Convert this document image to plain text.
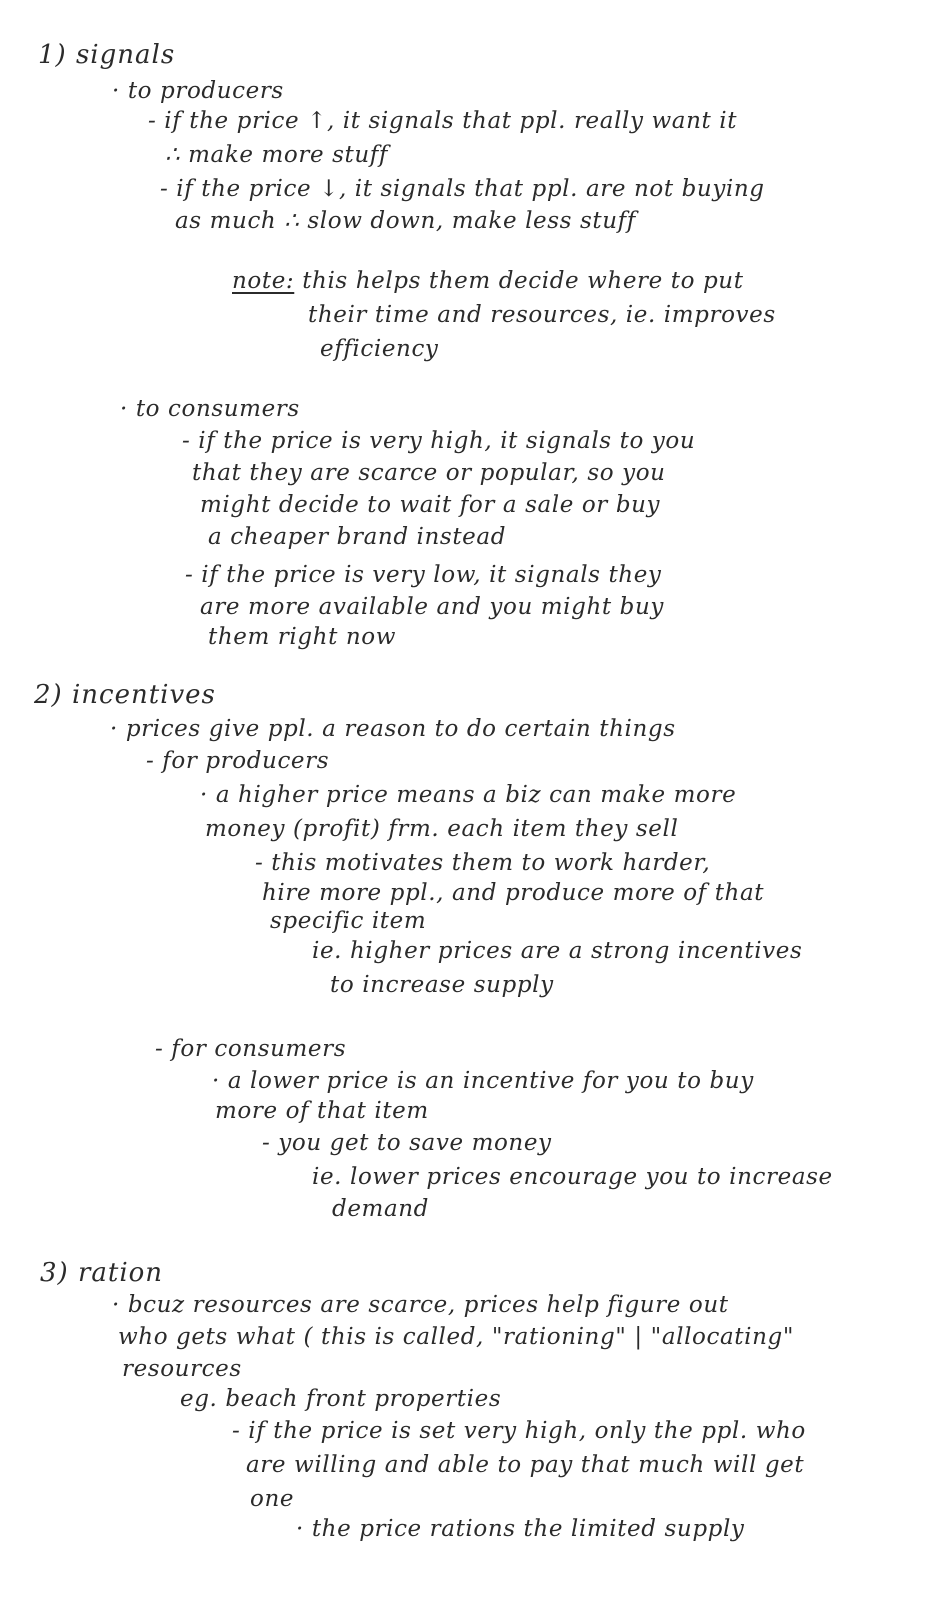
1) signals
· to producers
- if the price ↑, it signals that ppl. really want it
∴ make more stuff
- if the price ↓, it signals that ppl. are not buying
as much ∴ slow down, make less stuff
note: this helps them decide where to put
their time and resources, ie. improves
efficiency
· to consumers
- if the price is very high, it signals to you
that they are scarce or popular, so you
might decide to wait for a sale or buy
a cheaper brand instead
- if the price is very low, it signals they
are more available and you might buy
them right now
2) incentives
· prices give ppl. a reason to do certain things
- for producers
· a higher price means a biz can make more
money (profit) frm. each item they sell
- this motivates them to work harder,
hire more ppl., and produce more of that
specific item
ie. higher prices are a strong incentives
to increase supply
- for consumers
· a lower price is an incentive for you to buy
more of that item
- you get to save money
ie. lower prices encourage you to increase
demand
3) ration
· bcuz resources are scarce, prices help figure out
who gets what ( this is called, "rationing" | "allocating"
resources
eg. beach front properties
- if the price is set very high, only the ppl. who
are willing and able to pay that much will get
one
· the price rations the limited supply
